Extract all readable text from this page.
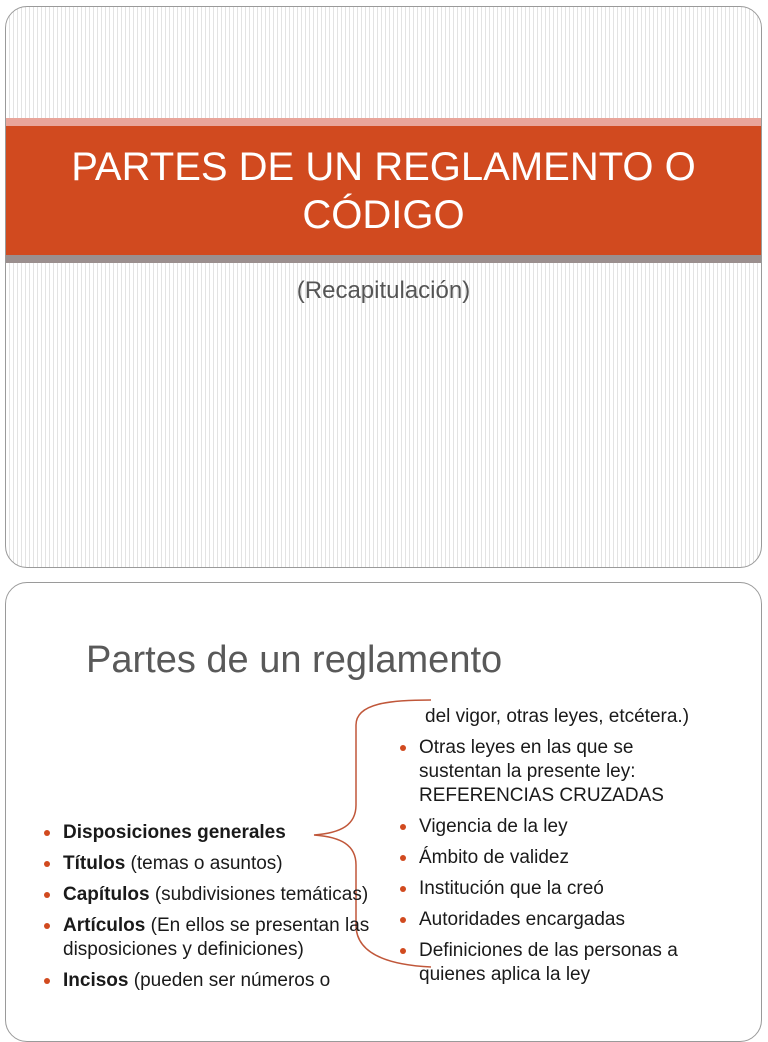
PARTES DE UN REGLAMENTO O CÓDIGO
(Recapitulación)
Partes de un reglamento
Disposiciones generales
Títulos (temas o asuntos)
Capítulos (subdivisiones temáticas)
Artículos (En ellos se presentan las disposiciones y definiciones)
Incisos (pueden ser números o
del vigor, otras leyes, etcétera.)
Otras leyes en las que se sustentan la presente ley: REFERENCIAS CRUZADAS
Vigencia de la ley
Ámbito de validez
Institución que la creó
Autoridades encargadas
Definiciones de las personas a quienes aplica la ley
